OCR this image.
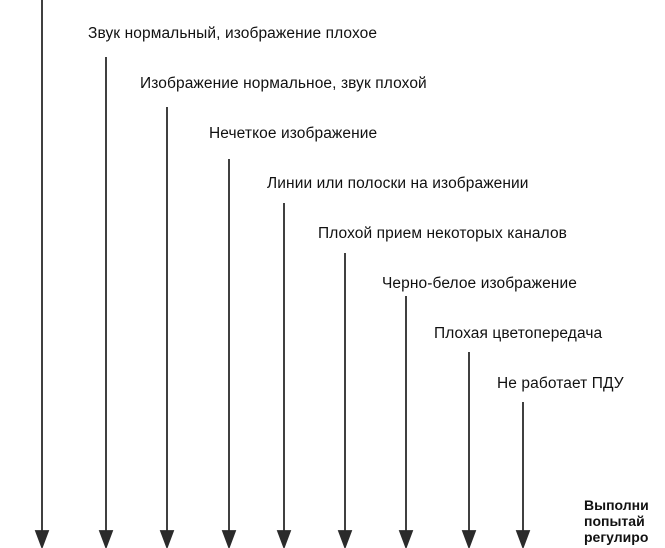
Звук нормальный, изображение плохое
Изображение нормальное, звук плохой
Нечеткое изображение
Линии или полоски на изображении
Плохой прием некоторых каналов
Черно-белое изображение
Плохая цветопередача
Не работает ПДУ
Выполни
попытай
регулиро
